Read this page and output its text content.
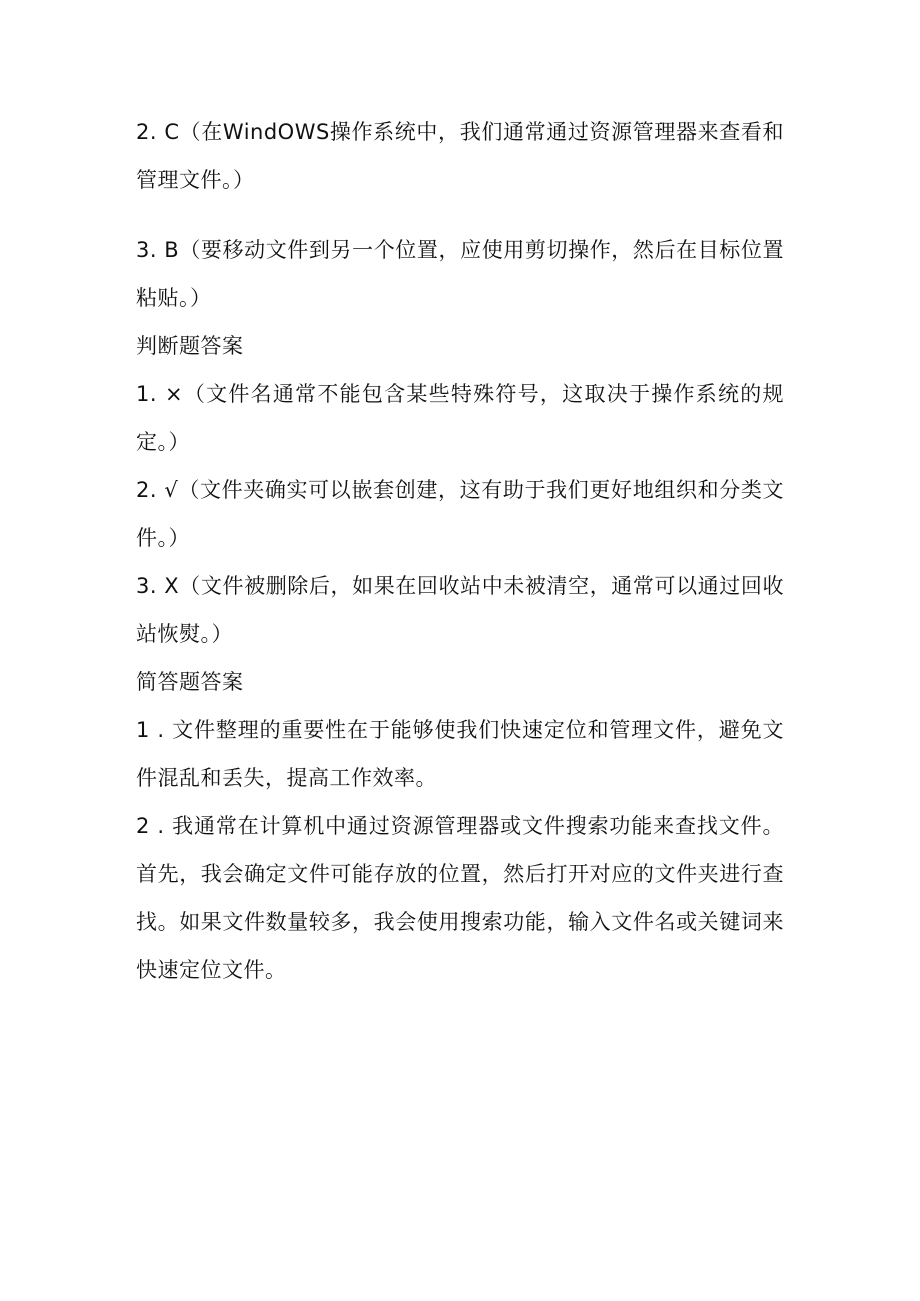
2. C（在WindOWS操作系统中，我们通常通过资源管理器来查看和管理文件。）

3. B（要移动文件到另一个位置，应使用剪切操作，然后在目标位置粘贴。）

判断题答案

1. ×（文件名通常不能包含某些特殊符号，这取决于操作系统的规定。）

2. √（文件夹确实可以嵌套创建，这有助于我们更好地组织和分类文件。）

3. X（文件被删除后，如果在回收站中未被清空，通常可以通过回收站恢熨。）

简答题答案

1 . 文件整理的重要性在于能够使我们快速定位和管理文件，避免文件混乱和丢失，提高工作效率。

2 . 我通常在计算机中通过资源管理器或文件搜索功能来查找文件。首先，我会确定文件可能存放的位置，然后打开对应的文件夹进行查找。如果文件数量较多，我会使用搜索功能，输入文件名或关键词来快速定位文件。
